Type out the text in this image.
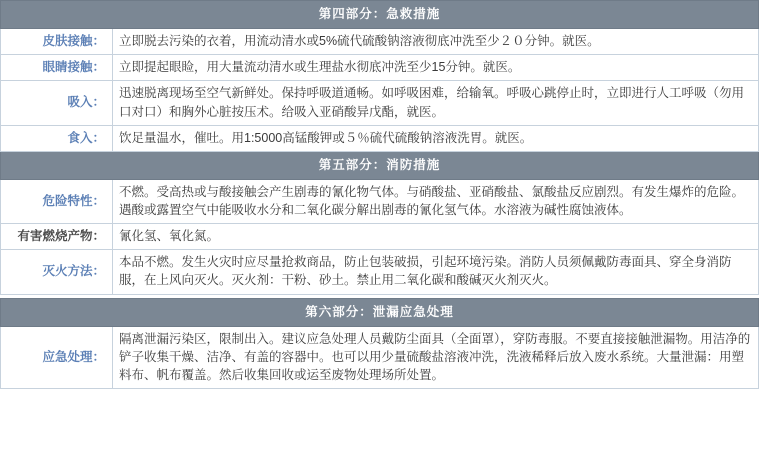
第四部分：急救措施	
皮肤接触：	立即脱去污染的衣着，用流动清水或5%硫代硫酸钠溶液彻底冲洗至少２０分钟。就医。
眼睛接触：	立即提起眼睑，用大量流动清水或生理盐水彻底冲洗至少15分钟。就医。
吸入：	迅速脱离现场至空气新鲜处。保持呼吸道通畅。如呼吸困难，给输氧。呼吸心跳停止时，立即进行人工呼吸（勿用口对口）和胸外心脏按压术。给吸入亚硝酸异戊酯，就医。
食入：	饮足量温水，催吐。用1:5000高锰酸钾或５％硫代硫酸钠溶液洗胃。就医。
第五部分：消防措施	
危险特性：	不燃。受高热或与酸接触会产生剧毒的氰化物气体。与硝酸盐、亚硝酸盐、氯酸盐反应剧烈。有发生爆炸的危险。遇酸或露置空气中能吸收水分和二氧化碳分解出剧毒的氰化氢气体。水溶液为碱性腐蚀液体。
有害燃烧产物：	氰化氢、氧化氮。
灭火方法：	本品不燃。发生火灾时应尽量抢救商品，防止包装破损，引起环境污染。消防人员须佩戴防毒面具、穿全身消防服，在上风向灭火。灭火剂：干粉、砂土。禁止用二氧化碳和酸碱灭火剂灭火。

第六部分：泄漏应急处理	
应急处理：	隔离泄漏污染区，限制出入。建议应急处理人员戴防尘面具（全面罩），穿防毒服。不要直接接触泄漏物。用洁净的铲子收集干燥、洁净、有盖的容器中。也可以用少量硫酸盐溶液冲洗，洗液稀释后放入废水系统。大量泄漏：用塑料布、帆布覆盖。然后收集回收或运至废物处理场所处置。
